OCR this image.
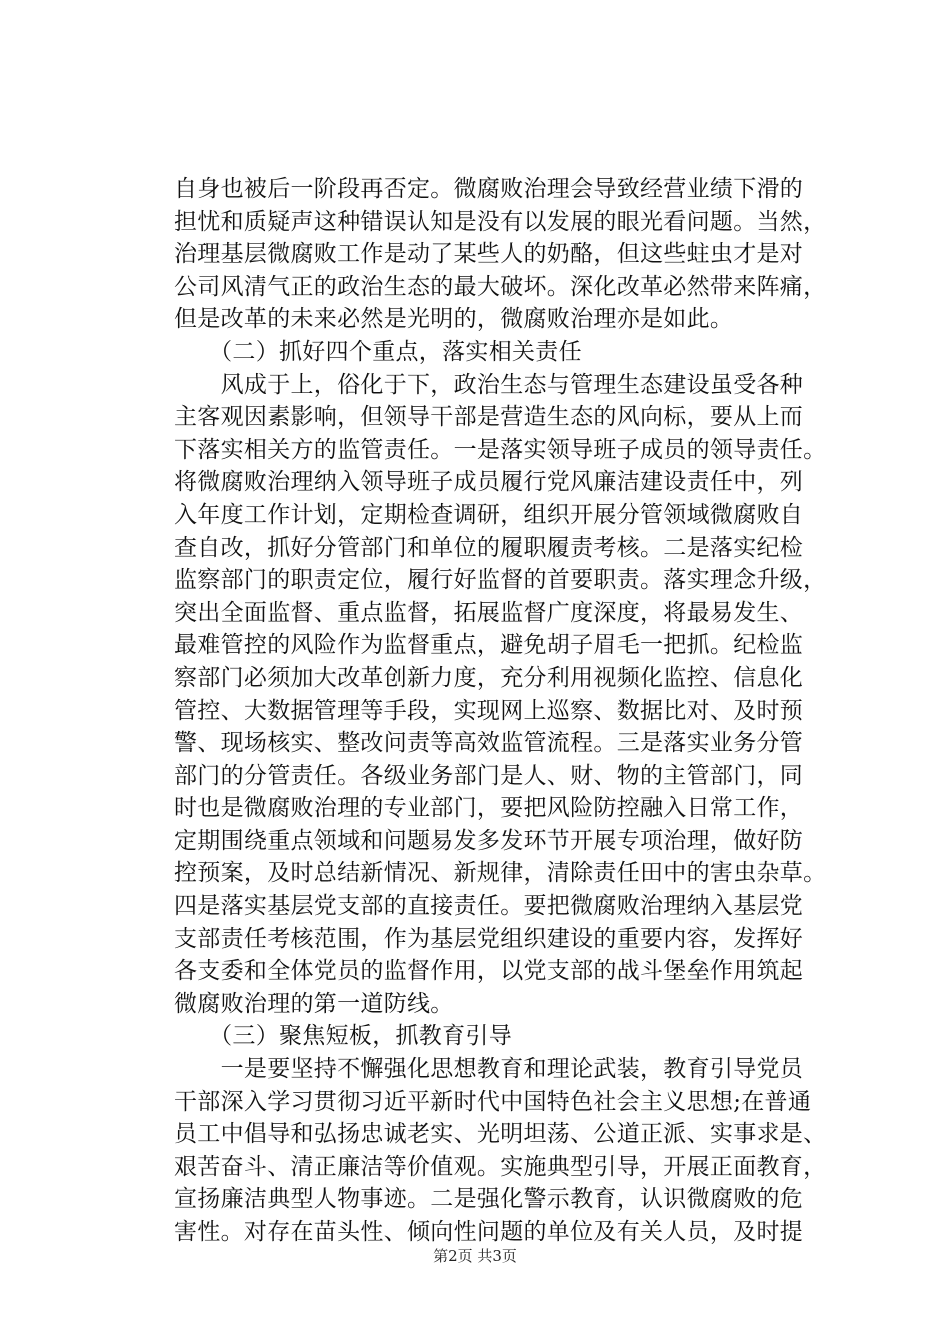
自身也被后一阶段再否定。微腐败治理会导致经营业绩下滑的
担忧和质疑声这种错误认知是没有以发展的眼光看问题。当然，
治理基层微腐败工作是动了某些人的奶酪，但这些蛀虫才是对
公司风清气正的政治生态的最大破坏。深化改革必然带来阵痛，
但是改革的未来必然是光明的，微腐败治理亦是如此。
　　（二）抓好四个重点，落实相关责任
　　风成于上，俗化于下，政治生态与管理生态建设虽受各种
主客观因素影响，但领导干部是营造生态的风向标，要从上而
下落实相关方的监管责任。一是落实领导班子成员的领导责任。
将微腐败治理纳入领导班子成员履行党风廉洁建设责任中，列
入年度工作计划，定期检查调研，组织开展分管领域微腐败自
查自改，抓好分管部门和单位的履职履责考核。二是落实纪检
监察部门的职责定位，履行好监督的首要职责。落实理念升级，
突出全面监督、重点监督，拓展监督广度深度，将最易发生、
最难管控的风险作为监督重点，避免胡子眉毛一把抓。纪检监
察部门必须加大改革创新力度，充分利用视频化监控、信息化
管控、大数据管理等手段，实现网上巡察、数据比对、及时预
警、现场核实、整改问责等高效监管流程。三是落实业务分管
部门的分管责任。各级业务部门是人、财、物的主管部门，同
时也是微腐败治理的专业部门，要把风险防控融入日常工作，
定期围绕重点领域和问题易发多发环节开展专项治理，做好防
控预案，及时总结新情况、新规律，清除责任田中的害虫杂草。
四是落实基层党支部的直接责任。要把微腐败治理纳入基层党
支部责任考核范围，作为基层党组织建设的重要内容，发挥好
各支委和全体党员的监督作用，以党支部的战斗堡垒作用筑起
微腐败治理的第一道防线。
　　（三）聚焦短板，抓教育引导
　　一是要坚持不懈强化思想教育和理论武装，教育引导党员
干部深入学习贯彻习近平新时代中国特色社会主义思想;在普通
员工中倡导和弘扬忠诚老实、光明坦荡、公道正派、实事求是、
艰苦奋斗、清正廉洁等价值观。实施典型引导，开展正面教育，
宣扬廉洁典型人物事迹。二是强化警示教育，认识微腐败的危
害性。对存在苗头性、倾向性问题的单位及有关人员，及时提
第2页 共3页
